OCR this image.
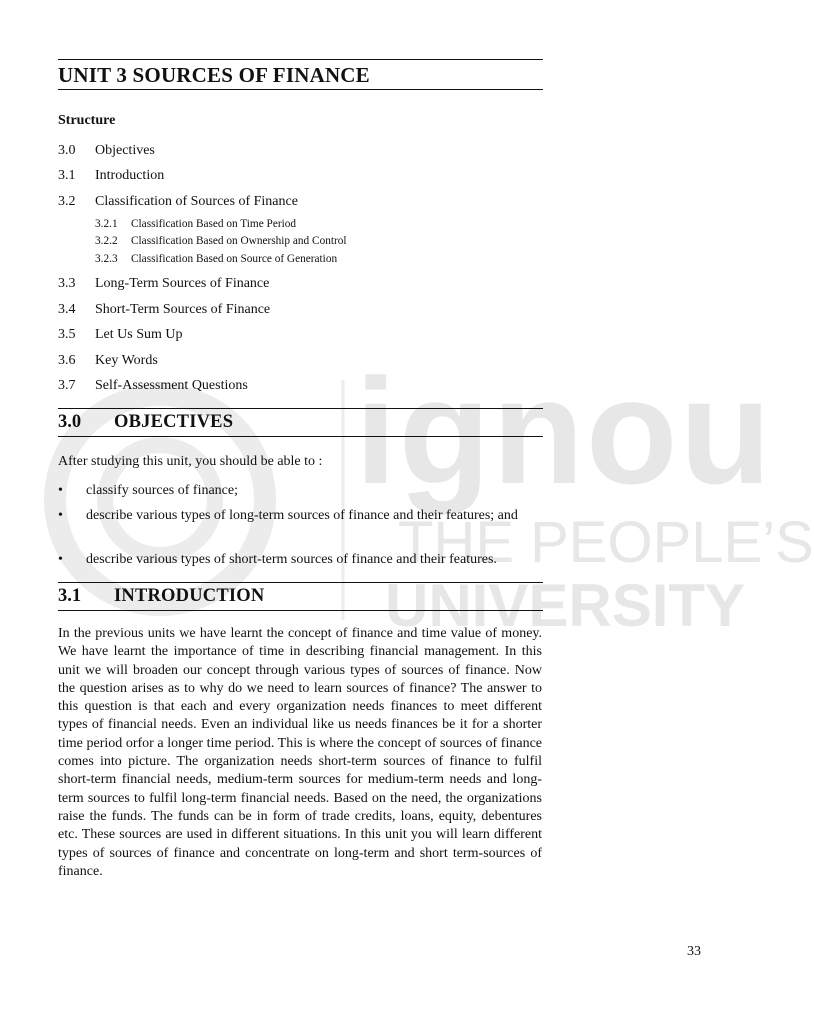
ignou
THE PEOPLE’S
UNIVERSITY
UNIT 3 SOURCES OF FINANCE
Structure
3.0 Objectives
3.1 Introduction
3.2 Classification of Sources of Finance
3.2.1 Classification Based on Time Period
3.2.2 Classification Based on Ownership and Control
3.2.3 Classification Based on Source of Generation
3.3 Long-Term Sources of Finance
3.4 Short-Term Sources of Finance
3.5 Let Us Sum Up
3.6 Key Words
3.7 Self-Assessment Questions
3.0 OBJECTIVES
After studying this unit, you should be able to :
• classify sources of finance;
• describe various types of long-term sources of finance and their features; and
• describe various types of short-term sources of finance and their features.
3.1 INTRODUCTION
In the previous units we have learnt the concept of finance and time value of money. We have learnt the importance of time in describing financial management. In this unit we will broaden our concept through various types of sources of finance. Now the question arises as to why do we need to learn sources of finance? The answer to this question is that each and every organization needs finances to meet different types of financial needs. Even an individual like us needs finances be it for a shorter time period orfor a longer time period. This is where the concept of sources of finance comes into picture. The organization needs short-term sources of finance to fulfil short-term financial needs, medium-term sources for medium-term needs and long-term sources to fulfil long-term financial needs. Based on the need, the organizations raise the funds. The funds can be in form of trade credits, loans, equity, debentures etc. These sources are used in different situations. In this unit you will learn different types of sources of finance and concentrate on long-term and short term-sources of finance.
33
